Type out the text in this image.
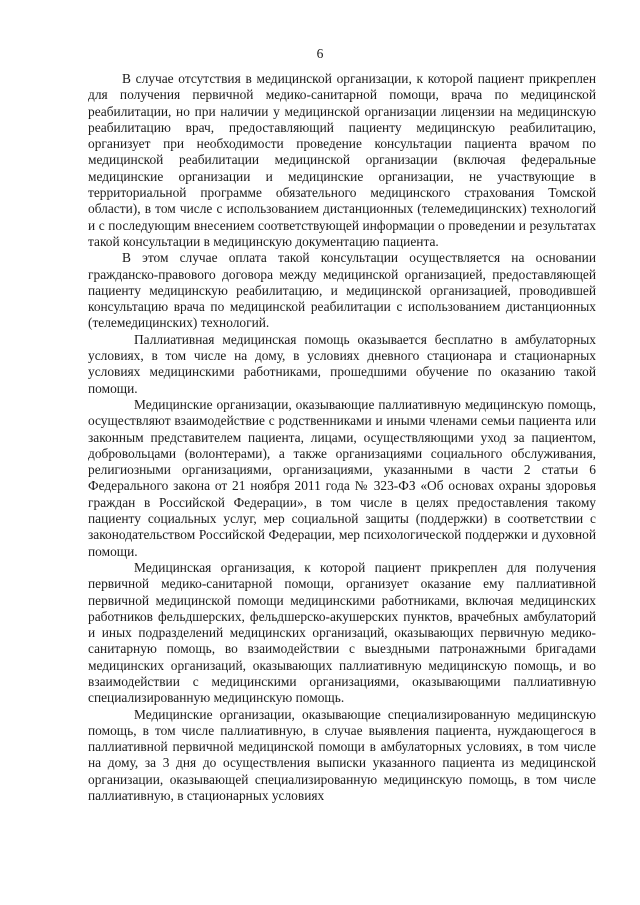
6

В случае отсутствия в медицинской организации, к которой пациент прикреплен для получения первичной медико-санитарной помощи, врача по медицинской реабилитации, но при наличии у медицинской организации лицензии на медицинскую реабилитацию врач, предоставляющий пациенту медицинскую реабилитацию, организует при необходимости проведение консультации пациента врачом по медицинской реабилитации медицинской организации (включая федеральные медицинские организации и медицинские организации, не участвующие в территориальной программе обязательного медицинского страхования Томской области), в том числе с использованием дистанционных (телемедицинских) технологий и с последующим внесением соответствующей информации о проведении и результатах такой консультации в медицинскую документацию пациента.

В этом случае оплата такой консультации осуществляется на основании гражданско-правового договора между медицинской организацией, предоставляющей пациенту медицинскую реабилитацию, и медицинской организацией, проводившей консультацию врача по медицинской реабилитации с использованием дистанционных (телемедицинских) технологий.

Паллиативная медицинская помощь оказывается бесплатно в амбулаторных условиях, в том числе на дому, в условиях дневного стационара и стационарных условиях медицинскими работниками, прошедшими обучение по оказанию такой помощи.

Медицинские организации, оказывающие паллиативную медицинскую помощь, осуществляют взаимодействие с родственниками и иными членами семьи пациента или законным представителем пациента, лицами, осуществляющими уход за пациентом, добровольцами (волонтерами), а также организациями социального обслуживания, религиозными организациями, организациями, указанными в части 2 статьи 6 Федерального закона от 21 ноября 2011 года № 323-ФЗ «Об основах охраны здоровья граждан в Российской Федерации», в том числе в целях предоставления такому пациенту социальных услуг, мер социальной защиты (поддержки) в соответствии с законодательством Российской Федерации, мер психологической поддержки и духовной помощи.

Медицинская организация, к которой пациент прикреплен для получения первичной медико-санитарной помощи, организует оказание ему паллиативной первичной медицинской помощи медицинскими работниками, включая медицинских работников фельдшерских, фельдшерско-акушерских пунктов, врачебных амбулаторий и иных подразделений медицинских организаций, оказывающих первичную медико-санитарную помощь, во взаимодействии с выездными патронажными бригадами медицинских организаций, оказывающих паллиативную медицинскую помощь, и во взаимодействии с медицинскими организациями, оказывающими паллиативную специализированную медицинскую помощь.

Медицинские организации, оказывающие специализированную медицинскую помощь, в том числе паллиативную, в случае выявления пациента, нуждающегося в паллиативной первичной медицинской помощи в амбулаторных условиях, в том числе на дому, за 3 дня до осуществления выписки указанного пациента из медицинской организации, оказывающей специализированную медицинскую помощь, в том числе паллиативную, в стационарных условиях
